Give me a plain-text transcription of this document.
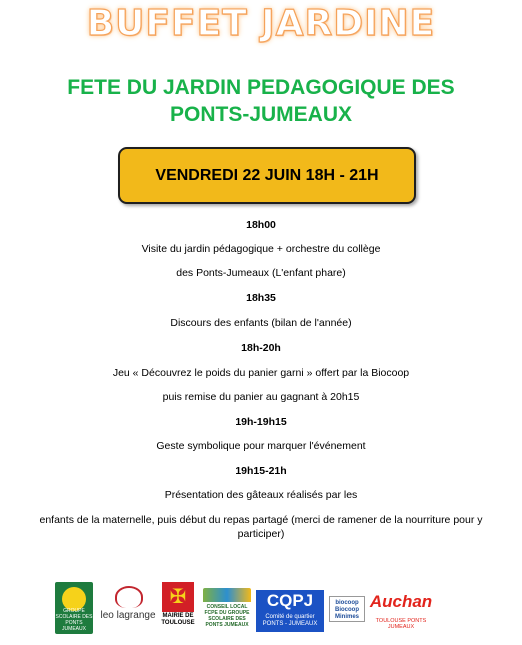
BUFFET JARDINE
FETE DU JARDIN PEDAGOGIQUE DES
PONTS-JUMEAUX
VENDREDI 22 JUIN 18H - 21H
18h00
Visite du jardin pédagogique + orchestre du collège
des Ponts-Jumeaux (L'enfant phare)
18h35
Discours des enfants (bilan de l'année)
18h-20h
Jeu « Découvrez le poids du panier garni » offert par la Biocoop
puis remise du panier au gagnant à 20h15
19h-19h15
Geste symbolique pour marquer l'événement
19h15-21h
Présentation des gâteaux réalisés par les
enfants de la maternelle, puis début du repas partagé (merci de ramener de la nourriture pour y
participer)
GROUPE SCOLAIRE DES PONTS JUMEAUX
leo lagrange
✠
MAIRIE DE TOULOUSE
CONSEIL LOCAL FCPE DU GROUPE SCOLAIRE DES PONTS JUMEAUX
CQPJ
Comité de quartier PONTS - JUMEAUX
biocoop Biocoop Minimes
Auchan
TOULOUSE PONTS JUMEAUX
